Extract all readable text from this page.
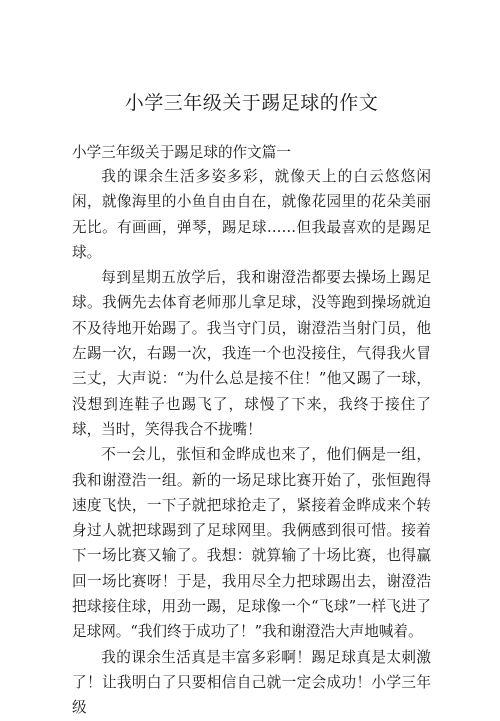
小学三年级关于踢足球的作文
小学三年级关于踢足球的作文篇一

我的课余生活多姿多彩，就像天上的白云悠悠闲闲，就像海里的小鱼自由自在，就像花园里的花朵美丽无比。有画画，弹琴，踢足球……但我最喜欢的是踢足球。

每到星期五放学后，我和谢澄浩都要去操场上踢足球。我俩先去体育老师那儿拿足球，没等跑到操场就迫不及待地开始踢了。我当守门员，谢澄浩当射门员，他左踢一次，右踢一次，我连一个也没接住，气得我火冒三丈，大声说：“为什么总是接不住！”他又踢了一球，没想到连鞋子也踢飞了，球慢了下来，我终于接住了球，当时，笑得我合不拢嘴！

不一会儿，张恒和金晔成也来了，他们俩是一组，我和谢澄浩一组。新的一场足球比赛开始了，张恒跑得速度飞快，一下子就把球抢走了，紧接着金晔成来个转身过人就把球踢到了足球网里。我俩感到很可惜。接着下一场比赛又输了。我想：就算输了十场比赛，也得赢回一场比赛呀！于是，我用尽全力把球踢出去，谢澄浩把球接住球，用劲一踢，足球像一个“飞球”一样飞进了足球网。“我们终于成功了！”我和谢澄浩大声地喊着。

我的课余生活真是丰富多彩啊！踢足球真是太刺激了！让我明白了只要相信自己就一定会成功！小学三年级
